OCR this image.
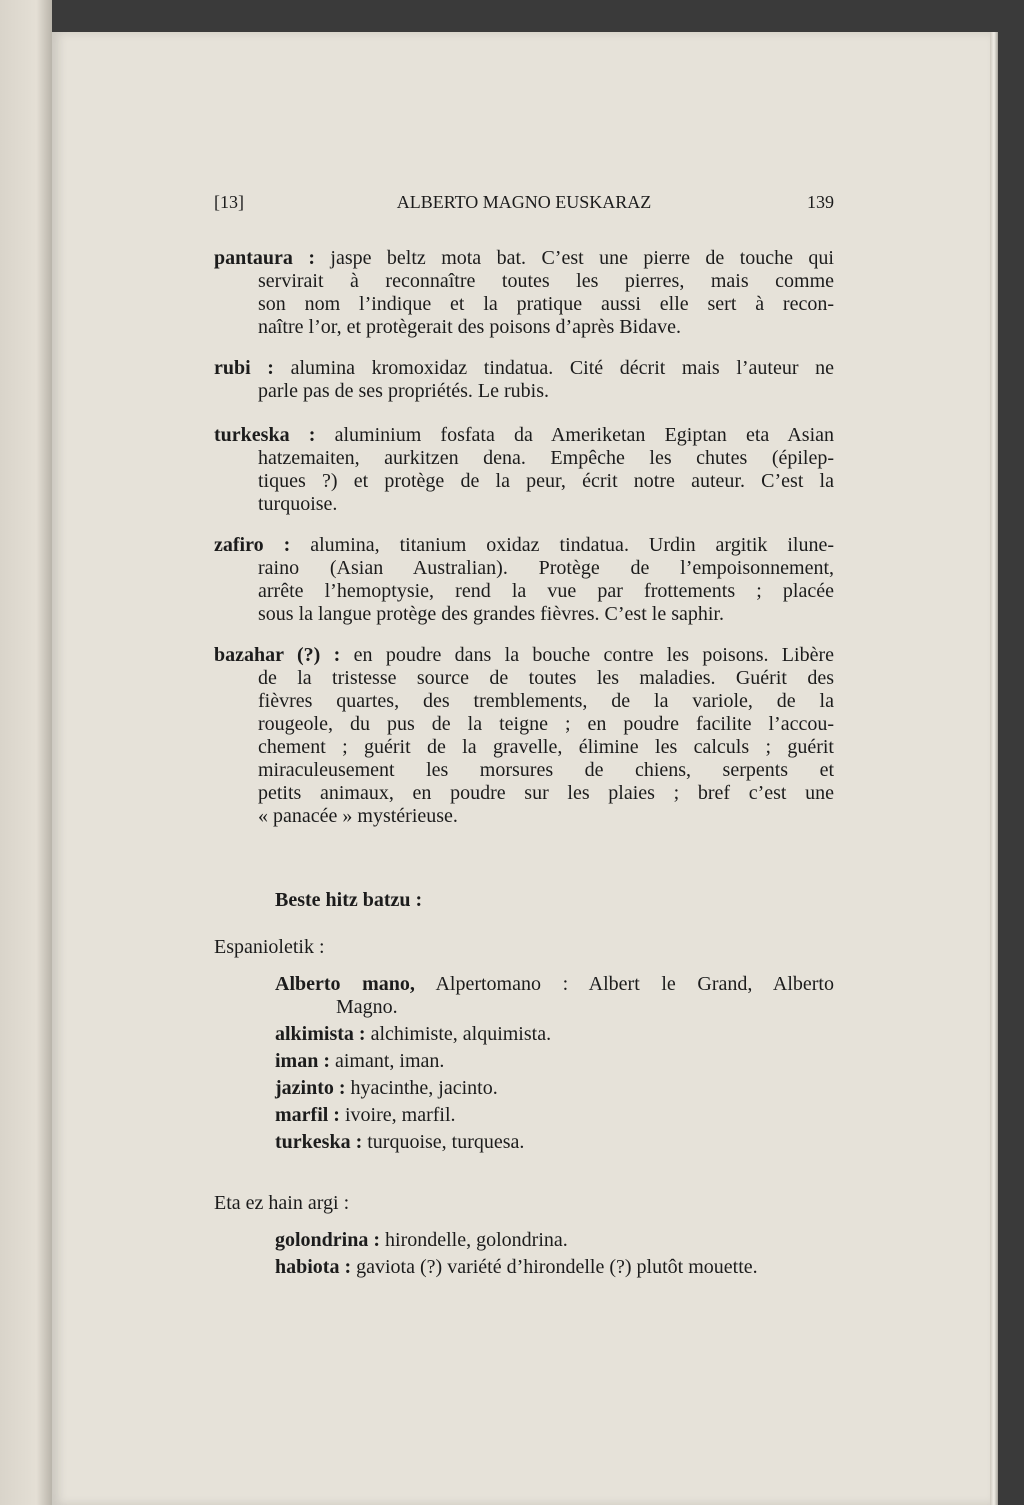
[13]	ALBERTO MAGNO EUSKARAZ	139
pantaura : jaspe beltz mota bat. C’est une pierre de touche qui
servirait à reconnaître toutes les pierres, mais comme
son nom l’indique et la pratique aussi elle sert à recon-
naître l’or, et protègerait des poisons d’après Bidave.
rubi : alumina kromoxidaz tindatua. Cité décrit mais l’auteur ne
parle pas de ses propriétés. Le rubis.
turkeska : aluminium fosfata da Ameriketan Egiptan eta Asian
hatzemaiten, aurkitzen dena. Empêche les chutes (épilep-
tiques ?) et protège de la peur, écrit notre auteur. C’est la
turquoise.
zafiro : alumina, titanium oxidaz tindatua. Urdin argitik ilune-
raino (Asian Australian). Protège de l’empoisonnement,
arrête l’hemoptysie, rend la vue par frottements ; placée
sous la langue protège des grandes fièvres. C’est le saphir.
bazahar (?) : en poudre dans la bouche contre les poisons. Libère
de la tristesse source de toutes les maladies. Guérit des
fièvres quartes, des tremblements, de la variole, de la
rougeole, du pus de la teigne ; en poudre facilite l’accou-
chement ; guérit de la gravelle, élimine les calculs ; guérit
miraculeusement les morsures de chiens, serpents et
petits animaux, en poudre sur les plaies ; bref c’est une
« panacée » mystérieuse.
Beste hitz batzu :
Espanioletik :
Eta ez hain argi :
Alberto mano, Alpertomano : Albert le Grand, Alberto
Magno.
alkimista : alchimiste, alquimista.
iman : aimant, iman.
jazinto : hyacinthe, jacinto.
marfil : ivoire, marfil.
turkeska : turquoise, turquesa.
golondrina : hirondelle, golondrina.
habiota : gaviota (?) variété d’hirondelle (?) plutôt mouette.
